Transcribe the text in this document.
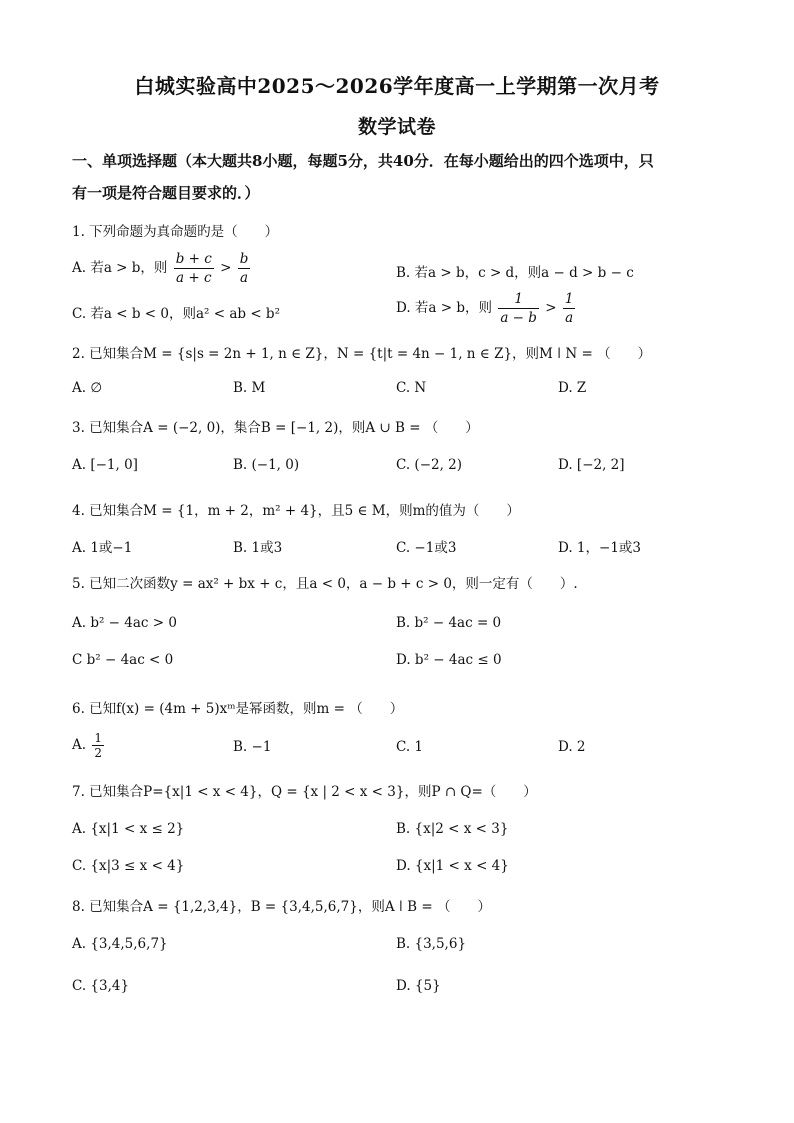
白城实验高中2025～2026学年度高一上学期第一次月考
数学试卷
一、单项选择题（本大题共8小题，每题5分，共40分．在每小题给出的四个选项中，只
有一项是符合题目要求的．）
1. 下列命题为真命题旳是（　　）
A. 若a > b，则 $\frac{b + c}{a + c} > \frac{b}{a}$	B. 若a > b，c > d，则a − d > b − c
C. 若a < b < 0，则a² < ab < b²	D. 若a > b，则 $\frac{1}{a - b} > \frac{1}{a}$
2. 已知集合M = {s|s = 2n + 1, n ∈ Z}，N = {t|t = 4n − 1, n ∈ Z}，则M ǀ N = （　　）
A. ∅	B. M	C. N	D. Z
3. 已知集合A = (−2, 0)，集合B = [−1, 2)，则A ∪ B = （　　）
A. [−1, 0]	B. (−1, 0)	C. (−2, 2)	D. [−2, 2]
4. 已知集合M = {1，m + 2，m² + 4}，且5 ∈ M，则m的值为（　　）
A. 1或−1	B. 1或3	C. −1或3	D. 1，−1或3
5. 已知二次函数y = ax² + bx + c，且a < 0，a − b + c > 0，则一定有（　　）.
A. b² − 4ac > 0	B. b² − 4ac = 0
C b² − 4ac < 0	D. b² − 4ac ≤ 0
6. 已知f(x) = (4m + 5)xᵐ是幂函数，则m = （　　）
A. $\frac{1}{2}$	B. −1	C. 1	D. 2
7. 已知集合P={x|1 < x < 4}，Q = {x | 2 < x < 3}，则P ∩ Q=（　　）
A. {x|1 < x ≤ 2}	B. {x|2 < x < 3}
C. {x|3 ≤ x < 4}	D. {x|1 < x < 4}
8. 已知集合A = {1,2,3,4}，B = {3,4,5,6,7}，则A ǀ B = （　　）
A. {3,4,5,6,7}	B. {3,5,6}
C. {3,4}	D. {5}
